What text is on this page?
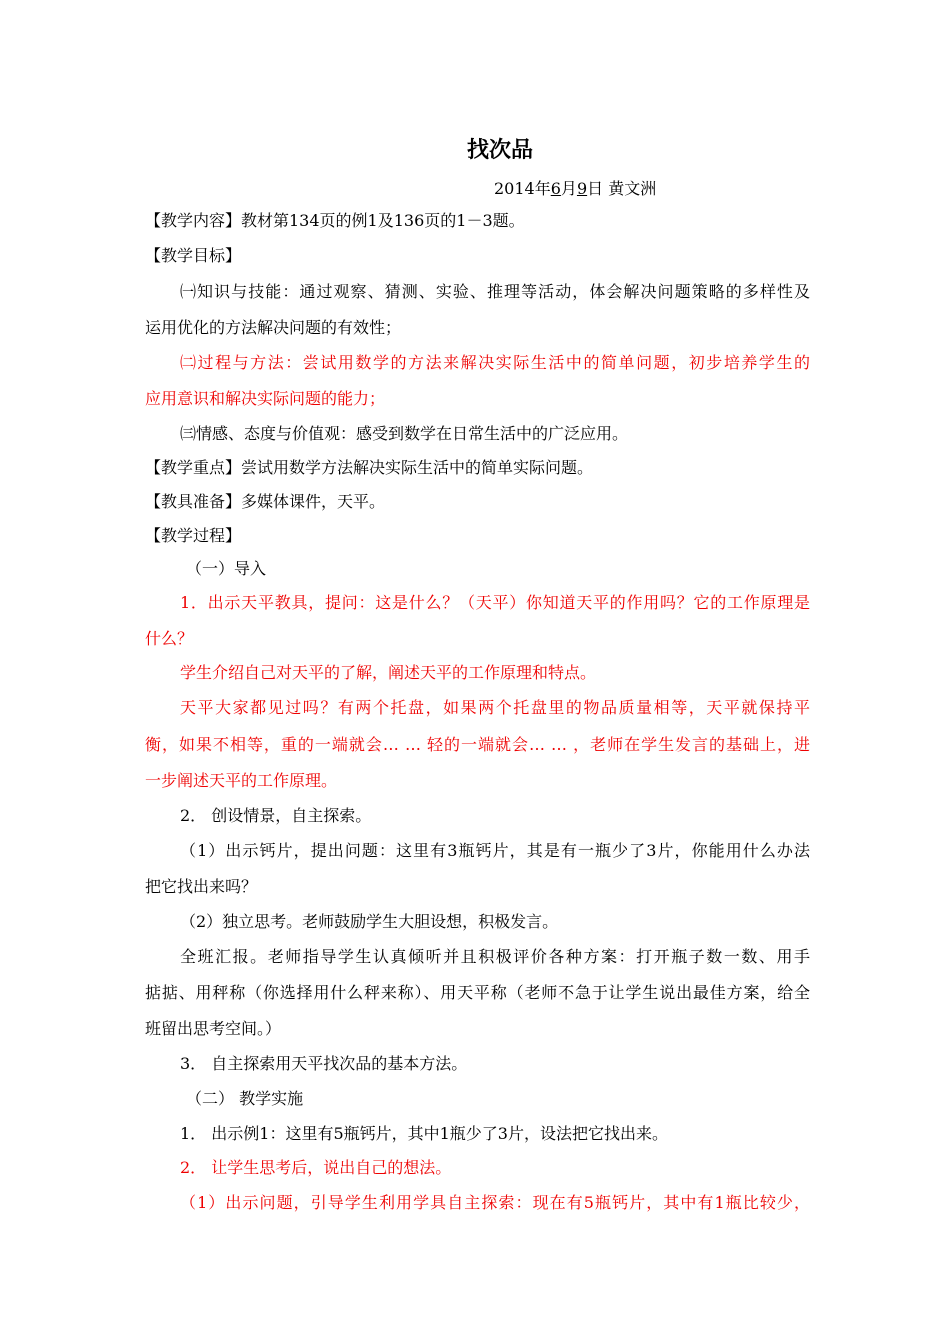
找次品
2014年6月9日 黄文洲
【教学内容】教材第134页的例1及136页的1－3题。
【教学目标】
㈠知识与技能：通过观察、猜测、实验、推理等活动，体会解决问题策略的多样性及
运用优化的方法解决问题的有效性；
㈡过程与方法：尝试用数学的方法来解决实际生活中的简单问题，初步培养学生的
应用意识和解决实际问题的能力；
㈢情感、态度与价值观：感受到数学在日常生活中的广泛应用。
【教学重点】尝试用数学方法解决实际生活中的简单实际问题。
【教具准备】多媒体课件，天平。
【教学过程】
（一）导入
1．出示天平教具，提问：这是什么？（天平）你知道天平的作用吗？它的工作原理是
什么？
学生介绍自己对天平的了解，阐述天平的工作原理和特点。
天平大家都见过吗？有两个托盘，如果两个托盘里的物品质量相等，天平就保持平
衡，如果不相等，重的一端就会… … 轻的一端就会… … ，老师在学生发言的基础上，进
一步阐述天平的工作原理。
2． 创设情景，自主探索。
（1）出示钙片，提出问题：这里有3瓶钙片，其是有一瓶少了3片，你能用什么办法
把它找出来吗？
（2）独立思考。老师鼓励学生大胆设想，积极发言。
全班汇报。老师指导学生认真倾听并且积极评价各种方案：打开瓶子数一数、用手
掂掂、用秤称（你选择用什么秤来称）、用天平称（老师不急于让学生说出最佳方案，给全
班留出思考空间。）
3． 自主探索用天平找次品的基本方法。
（二） 教学实施
1． 出示例1：这里有5瓶钙片，其中1瓶少了3片，设法把它找出来。
2． 让学生思考后，说出自己的想法。
（1）出示问题，引导学生利用学具自主探索：现在有5瓶钙片，其中有1瓶比较少，
